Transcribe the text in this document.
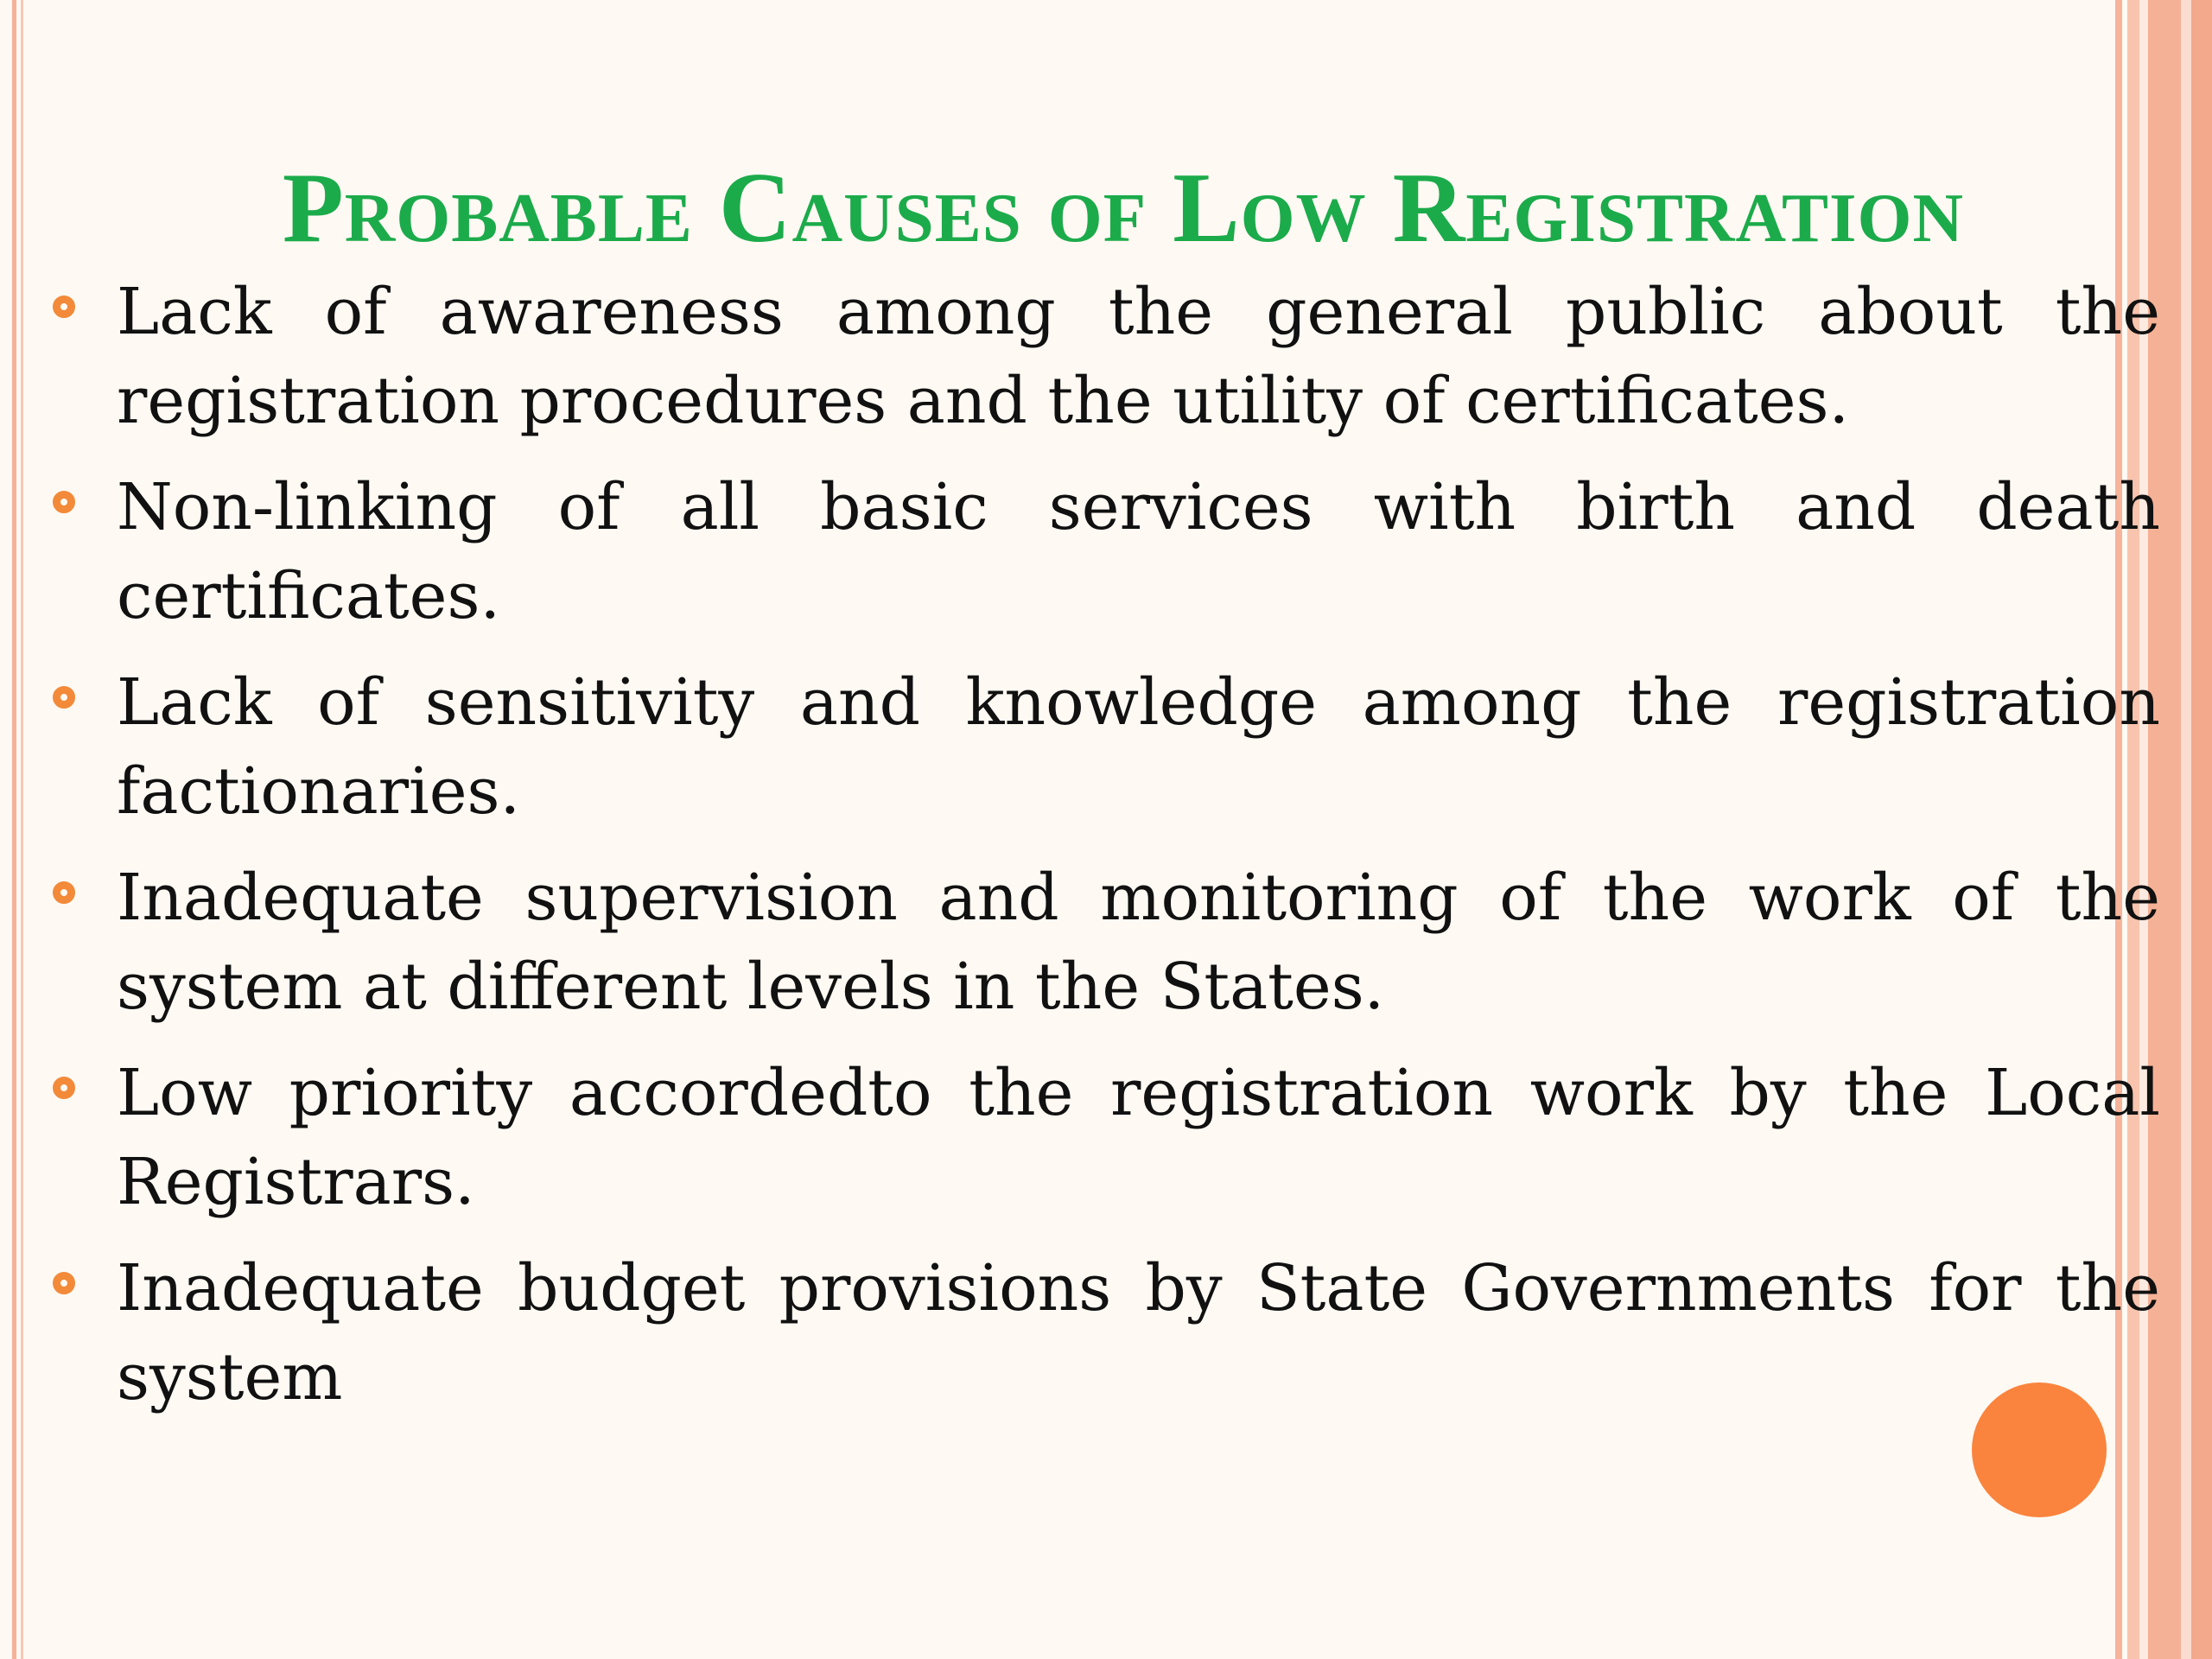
Probable Causes of Low Registration
Lack of awareness among the general public about the registration procedures and the utility of certificates.
Non-linking of all basic services with birth and death certificates.
Lack of sensitivity and knowledge among the registration factionaries.
Inadequate supervision and monitoring of the work of the system at different levels in the States.
Low priority accordedto the registration work by the Local Registrars.
Inadequate budget provisions by State Governments for the system
